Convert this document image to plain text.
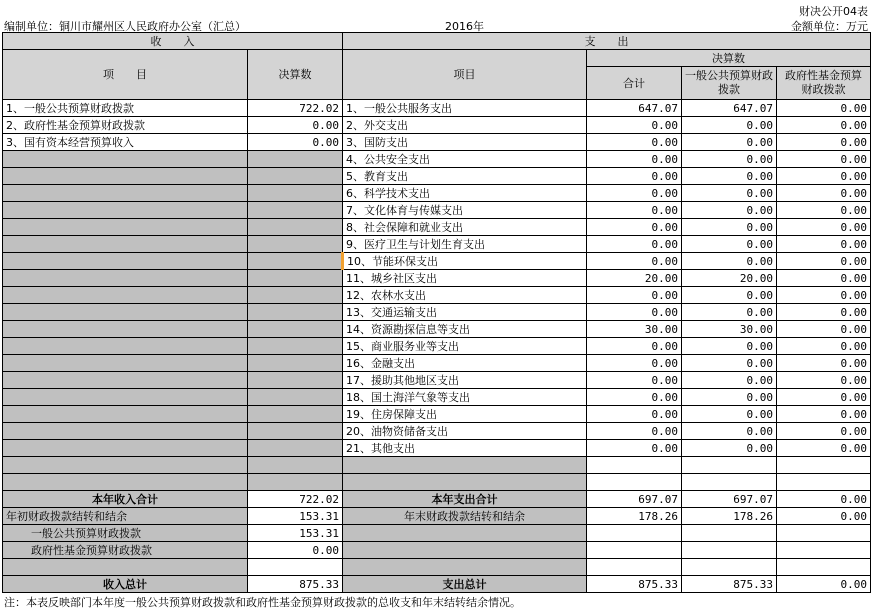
财决公开04表
编制单位：铜川市耀州区人民政府办公室（汇总）	2016年	金额单位：万元
收　　入		支　　出			
项　　目	决算数	项目	决算数		
			合计	一般公共预算财政拨款	政府性基金预算财政拨款

1、一般公共预算财政拨款	722.02	1、一般公共服务支出	647.07	647.07	0.00
2、政府性基金预算财政拨款	0.00	2、外交支出	0.00	0.00	0.00
3、国有资本经营预算收入	0.00	3、国防支出	0.00	0.00	0.00
		4、公共安全支出	0.00	0.00	0.00
		5、教育支出	0.00	0.00	0.00
		6、科学技术支出	0.00	0.00	0.00
		7、文化体育与传媒支出	0.00	0.00	0.00
		8、社会保障和就业支出	0.00	0.00	0.00
		9、医疗卫生与计划生育支出	0.00	0.00	0.00
		10、节能环保支出	0.00	0.00	0.00
		11、城乡社区支出	20.00	20.00	0.00
		12、农林水支出	0.00	0.00	0.00
		13、交通运输支出	0.00	0.00	0.00
		14、资源勘探信息等支出	30.00	30.00	0.00
		15、商业服务业等支出	0.00	0.00	0.00
		16、金融支出	0.00	0.00	0.00
		17、援助其他地区支出	0.00	0.00	0.00
		18、国土海洋气象等支出	0.00	0.00	0.00
		19、住房保障支出	0.00	0.00	0.00
		20、油物资储备支出	0.00	0.00	0.00
		21、其他支出	0.00	0.00	0.00

本年收入合计	722.02	本年支出合计	697.07	697.07	0.00
年初财政拨款结转和结余	153.31	年末财政拨款结转和结余	178.26	178.26	0.00
一般公共预算财政拨款	153.31				
政府性基金预算财政拨款	0.00				

收入总计	875.33	支出总计	875.33	875.33	0.00
注：本表反映部门本年度一般公共预算财政拨款和政府性基金预算财政拨款的总收支和年末结转结余情况。
